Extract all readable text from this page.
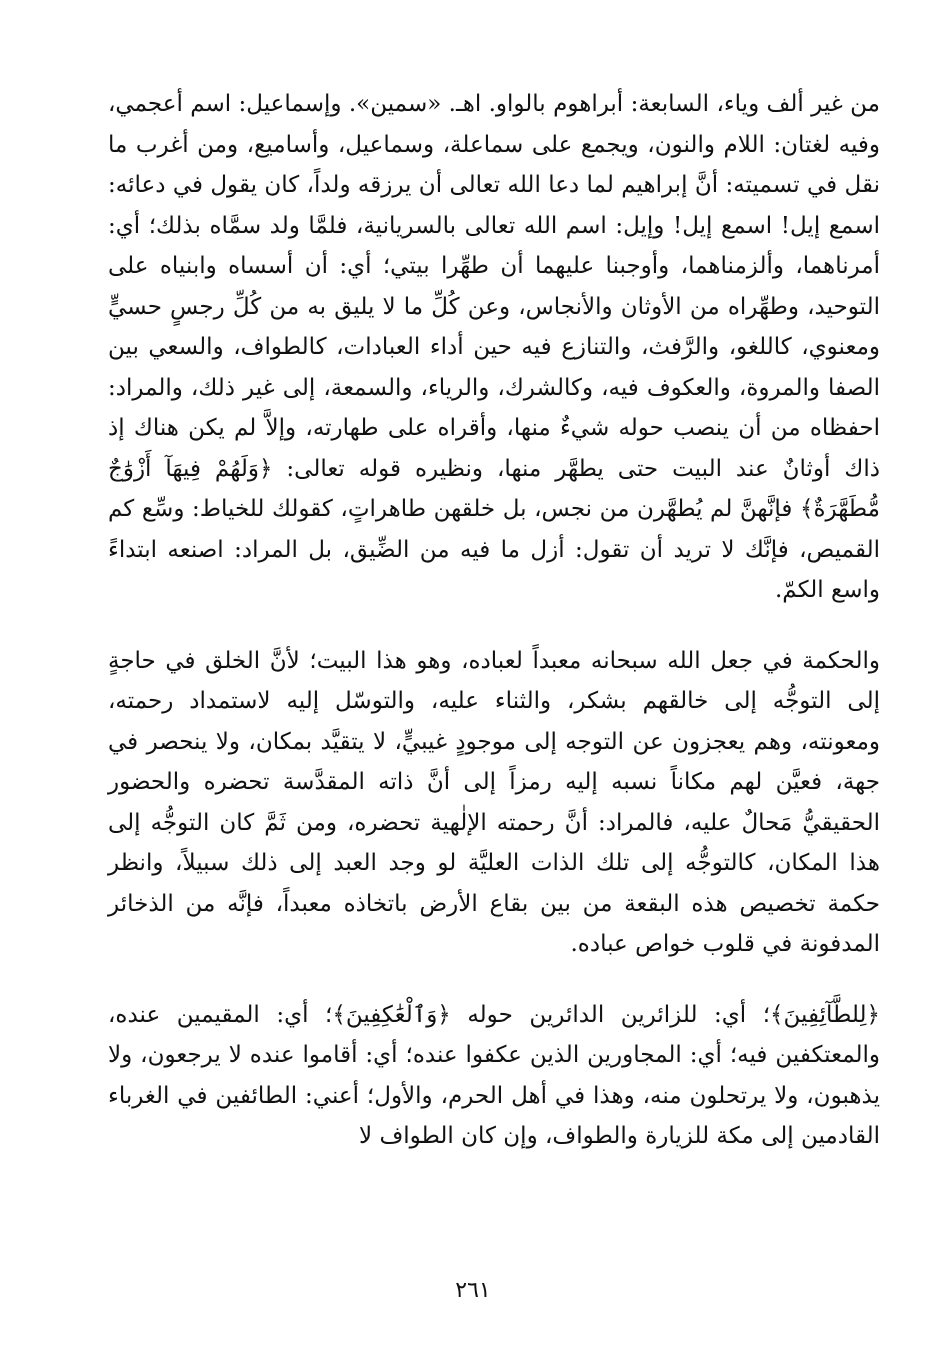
من غير ألف وياء، السابعة: أبراهوم بالواو. اهـ. «سمين». وإسماعيل: اسم أعجمي، وفيه لغتان: اللام والنون، ويجمع على سماعلة، وسماعيل، وأساميع، ومن أغرب ما نقل في تسميته: أنَّ إبراهيم لما دعا الله تعالى أن يرزقه ولداً، كان يقول في دعائه: اسمع إيل! اسمع إيل! وإيل: اسم الله تعالى بالسريانية، فلمَّا ولد سمَّاه بذلك؛ أي: أمرناهما، وألزمناهما، وأوجبنا عليهما أن طهِّرا بيتي؛ أي: أن أسساه وابنياه على التوحيد، وطهِّراه من الأوثان والأنجاس، وعن كُلِّ ما لا يليق به من كُلِّ رجسٍ حسيٍّ ومعنوي، كاللغو، والرَّفث، والتنازع فيه حين أداء العبادات، كالطواف، والسعي بين الصفا والمروة، والعكوف فيه، وكالشرك، والرياء، والسمعة، إلى غير ذلك، والمراد: احفظاه من أن ينصب حوله شيءٌ منها، وأقراه على طهارته، وإلاَّ لم يكن هناك إذ ذاك أوثانٌ عند البيت حتى يطهَّر منها، ونظيره قوله تعالى: ﴿وَلَهُمْ فِيهَآ أَزْوَٰجٌ مُّطَهَّرَةٌ﴾ فإنَّهنَّ لم يُطهَّرن من نجس، بل خلقهن طاهراتٍ، كقولك للخياط: وسِّع كم القميص، فإنَّك لا تريد أن تقول: أزل ما فيه من الضِّيق، بل المراد: اصنعه ابتداءً واسع الكمّ.

والحكمة في جعل الله سبحانه معبداً لعباده، وهو هذا البيت؛ لأنَّ الخلق في حاجةٍ إلى التوجُّه إلى خالقهم بشكر، والثناء عليه، والتوسّل إليه لاستمداد رحمته، ومعونته، وهم يعجزون عن التوجه إلى موجودٍ غيبيٍّ، لا يتقيَّد بمكان، ولا ينحصر في جهة، فعيَّن لهم مكاناً نسبه إليه رمزاً إلى أنَّ ذاته المقدَّسة تحضره والحضور الحقيقيُّ مَحالٌ عليه، فالمراد: أنَّ رحمته الإلٰهية تحضره، ومن ثَمَّ كان التوجُّه إلى هذا المكان، كالتوجُّه إلى تلك الذات العليَّة لو وجد العبد إلى ذلك سبيلاً، وانظر حكمة تخصيص هذه البقعة من بين بقاع الأرض باتخاذه معبداً، فإنَّه من الذخائر المدفونة في قلوب خواص عباده.

﴿لِلطَّآئِفِينَ﴾؛ أي: للزائرين الدائرين حوله ﴿وَٱلْعَٰكِفِينَ﴾؛ أي: المقيمين عنده، والمعتكفين فيه؛ أي: المجاورين الذين عكفوا عنده؛ أي: أقاموا عنده لا يرجعون، ولا يذهبون، ولا يرتحلون منه، وهذا في أهل الحرم، والأول؛ أعني: الطائفين في الغرباء القادمين إلى مكة للزيارة والطواف، وإن كان الطواف لا

٢٦١
